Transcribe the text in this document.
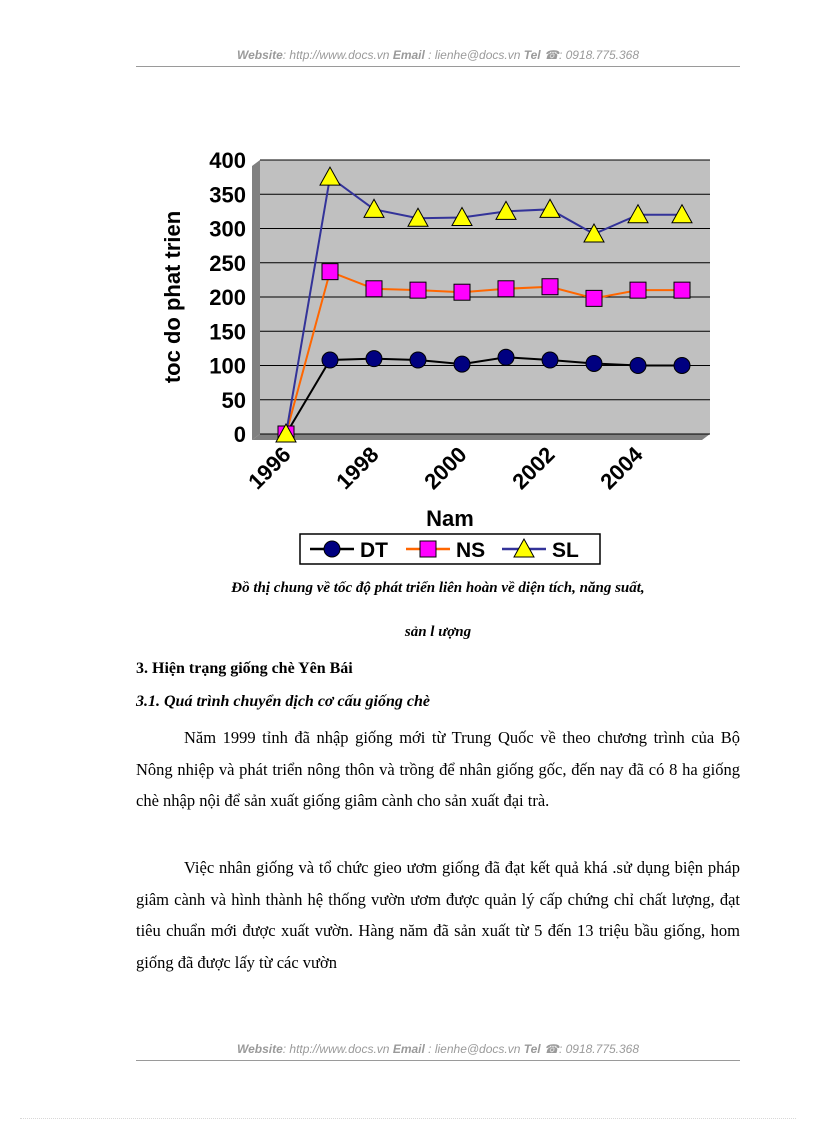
Website: http://www.docs.vn Email : lienhe@docs.vn Tel ☎: 0918.775.368
0
50
100
150
200
250
300
350
400
toc do phat trien
1996 1998 2000 2002 2004
Nam
DT	NS	SL
Đồ thị chung về tốc độ phát triển liên hoàn về diện tích, năng suất,
sản l ượng
3. Hiện trạng giống chè Yên Bái
3.1. Quá trình chuyển dịch cơ cấu giống chè

Năm 1999 tỉnh đã nhập giống mới từ Trung Quốc về theo chương trình của Bộ Nông nhiệp và phát triển nông thôn và trồng để nhân giống gốc, đến nay đã có 8 ha giống chè nhập nội để sản xuất giống giâm cành cho sản xuất đại trà.

Việc nhân giống và tổ chức gieo ươm giống đã đạt kết quả khá .sử dụng biện pháp giâm cành và hình thành hệ thống vườn ươm được quản lý cấp chứng chỉ chất lượng, đạt tiêu chuẩn mới được xuất vườn. Hàng năm đã sản xuất từ 5 đến 13 triệu bầu giống, hom giống đã được lấy từ các vườn

Website: http://www.docs.vn Email : lienhe@docs.vn Tel ☎: 0918.775.368
